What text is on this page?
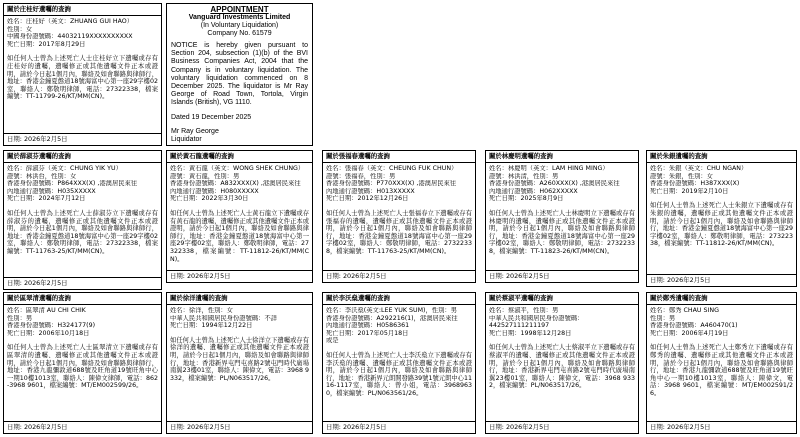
APPOINTMENT
Vanguard Investments Limited
(In Voluntary Liquidation)
Company No. 61579
NOTICE is hereby given pursuant to Section 204, subsection (1)(b) of the BVI Business Companies Act, 2004 that the Company is in voluntary liquidation. The voluntary liquidation commenced on 8 December 2025. The liquidator is Mr Ray George of Road Town, Tortola, Virgin Islands (British), VG 1110.
Dated 19 December 2025
Mr Ray George
Liquidator
關於庄桂好遺囑的查詢
姓名：庄桂好（英文：ZHUANG GUI HAO）
性別：女
中國身份證號碼：44032119XXXXXXXXXX
死亡日期：2017年8月29日
如任何人士曾為上述死亡人士庄桂好立下遺囑或存有庄桂好的遺囑，遺囑修正或其他遺囑文件正本或證明，請於今日起1個月內，聯絡及如會聯路與律師行，地址：香港金鐘夏慤道18號海富中心第一座29字樓02室，聯絡人：鄭敬明律師，電話：27322338，檔案編號：TT-11799-26/KT/MM(CN)。
日期: 2026年2月5日
關於薛淑芬遺囑的查詢
姓名：薛淑芬（英文：CHUNG YIK YU）
證號：林洪台，性別：女
香港身份證號碼：P864XXX(X) ,港澳居民來往
內地通行證號碼：H035XXXXX
死亡日期：2024年7月12日
如任何人士曾為上述死亡人士薛淑芬立下遺囑或存有薛淑芬的遺囑，遺囑修正或其他遺囑文件正本或證明，請於今日起1個月內，聯絡及如會聯路與律師行，地址：香港金鐘夏慤道18號海富中心第一座29字樓02室，聯絡人：鄭敬明律師，電話：27322338，檔案編號：TT-11763-25/KT/MM(CN)。
日期: 2026年2月5日
關於黃石龍遺囑的查詢
姓名：黃石龍（英文：WONG SHEK CHUNG）
證號：黃石龍，性別：男
香港身份證號碼：A832XXX(X) ,港澳居民來往
內地通行證號碼：H080XXXXX
死亡日期：2022年3月30日
如任何人士曾為上述死亡人士黃石龍立下遺囑或存有黃石龍的遺囑，遺囑修正或其他遺囑文件正本或證明，請於今日起1個月內，聯絡及如會聯路與律師行，地址：香港金鐘夏慤道18號海富中心第一座29字樓02室，聯絡人：鄭敬明律師，電話：27322338，檔案編號：TT-11812-26/KT/MM(CN)。
日期: 2026年2月5日
關於張福春遺囑的查詢
姓名：張福春（英文：CHEUNG FUK CHUN）
證號：張福春，性別：男
香港身份證號碼：P770XXX(X) ,港澳居民來往
內地通行證號碼：H013XXXXX
死亡日期：2012年12月26日
如任何人士曾為上述死亡人士張福春立下遺囑或存有張福春的遺囑，遺囑修正或其他遺囑文件正本或證明，請於今日起1個月內，聯絡及如會聯路與律師行，地址：香港金鐘夏慤道18號海富中心第一座29字樓02室，聯絡人：鄭敬明律師，電話：27322338，檔案編號：TT-11763-25/KT/MM(CN)。
日期: 2026年2月5日
關於林慶明遺囑的查詢
姓名：林慶明（英文：LAM HING MING）
證號：林洪淸，性別：男
香港身份證號碼：A260XXX(X) ,港澳居民來往
內地通行證號碼：H062XXXXX
死亡日期：2025年8月9日
如任何人士曾為上述死亡人士林慶明立下遺囑或存有林慶明的遺囑，遺囑修正或其他遺囑文件正本或證明，請於今日起1個月內，聯絡及如會聯路與律師行，地址：香港金鐘夏慤道18號海富中心第一座29字樓02室，聯絡人：鄭敬明律師，電話：27322338，檔案編號：TT-11823-26/KT/MM(CN)。
日期: 2026年2月5日
關於朱銀遺囑的查詢
姓名：朱銀（英文：CHU NGAN）
證號：朱銀，性別：女
香港身份證號碼：H387XXX(X)
死亡日期：2019年2月10日
如任何人士曾為上述死亡人士朱銀立下遺囑或存有朱銀的遺囑，遺囑修正或其他遺囑文件正本或證明，請於今日起1個月內，聯絡及如會聯路與律師行，地址：香港金鐘夏慤道18號海富中心第一座29字樓02室，聯絡人：鄭敬明律師，電話：27322338，檔案編號：TT-11812-26/KT/MM(CN)。
日期: 2026年2月5日
關於區翠清遺囑的查詢
姓名：區翠清 AU CHI CHIK
性別：男
香港身份證號碼：H324177(9)
死亡日期：2006年10月18日
如任何人士曾為上述死亡人士區翠清立下遺囑或存有區翠清的遺囑、遺囑修正或其他遺囑文件正本或證明，請於今日起1個月內，聯絡及如會聯路與律師行，地址：香港九龍彌敦道688號及旺角道19號旺角中心一期10樓1013室，聯絡人：陳偉文律師，電話：862-3968 9601，檔案編號：MT/EM002599/26。
日期: 2026年2月5日
關於徐洋遺囑的查詢
姓名：徐洋，性別：女
中華人民共和國居民身份證號碼：不詳
死亡日期：1994年12月22日
如任何人士曾為上述死亡人士徐洋立下遺囑或存有徐洋的遺囑、遺囑修正或其他遺囑文件正本或證明，請於今日起1個月內，聯絡及如會聯路與律師行，地址：香港新界屯門屯喜路2號屯門時代廣場南翼23樓01室，聯絡人：陳偉文，電話：3968 9332，檔案編號：PL/N063517/26。
日期: 2026年2月5日
關於李沃燊遺囑的查詢
姓名：李沃燊(英文:LEE YUK SUM)，性別：男
香港身份證號碼：A292216(1)，港澳居民來往
內地通行證號碼：H0586361
死亡日期：2017年05月18日
或是
如任何人士曾為上述死亡人士李沃燊立下遺囑或存有李沃燊的遺囑、遺囑修正或其他遺囑文件正本或證明，請於今日起1個月內，聯絡及如會聯路與律師行，地址：香港新界元朗開發路39號1號元朗中心1116-1117室，聯絡人：曾小姐，電話：39689630，檔案編號：PL/N063561/26。
日期: 2026年2月5日
關於蔡淑平遺囑的查詢
姓名：蔡淑平，性別：男
中華人民共和國居民身份證號碼：
442527111211197
死亡日期：1998年12月28日
如任何人士曾為上述死亡人士蔡淑平立下遺囑或存有蔡淑平的遺囑、遺囑修正或其他遺囑文件正本或證明，請於今日起1個月內，聯絡及如會聯路與律師行，地址：香港新界屯門屯喜路2號屯門時代廣場南翼23樓01室，聯絡人：陳偉文，電話：3968 9332，檔案編號：PL/N063517/26。
日期: 2026年2月5日
關於鄭秀遺囑的查詢
姓名：鄭秀 CHAU SING
性別：男
香港身份證號碼：A460470(1)
死亡日期：2006年4月19日
如任何人士曾為上述死亡人士鄭秀立下遺囑或存有鄭秀的遺囑、遺囑修正或其他遺囑文件正本或證明，請於今日起1個月內，聯絡及如會聯路與律師行，地址：香港九龍彌敦道688號及旺角道19號旺角中心一期10樓1013室，聯絡人：陳偉文，電話：3968 9601，檔案編號：MT/EM002591/26。
日期: 2026年2月5日
